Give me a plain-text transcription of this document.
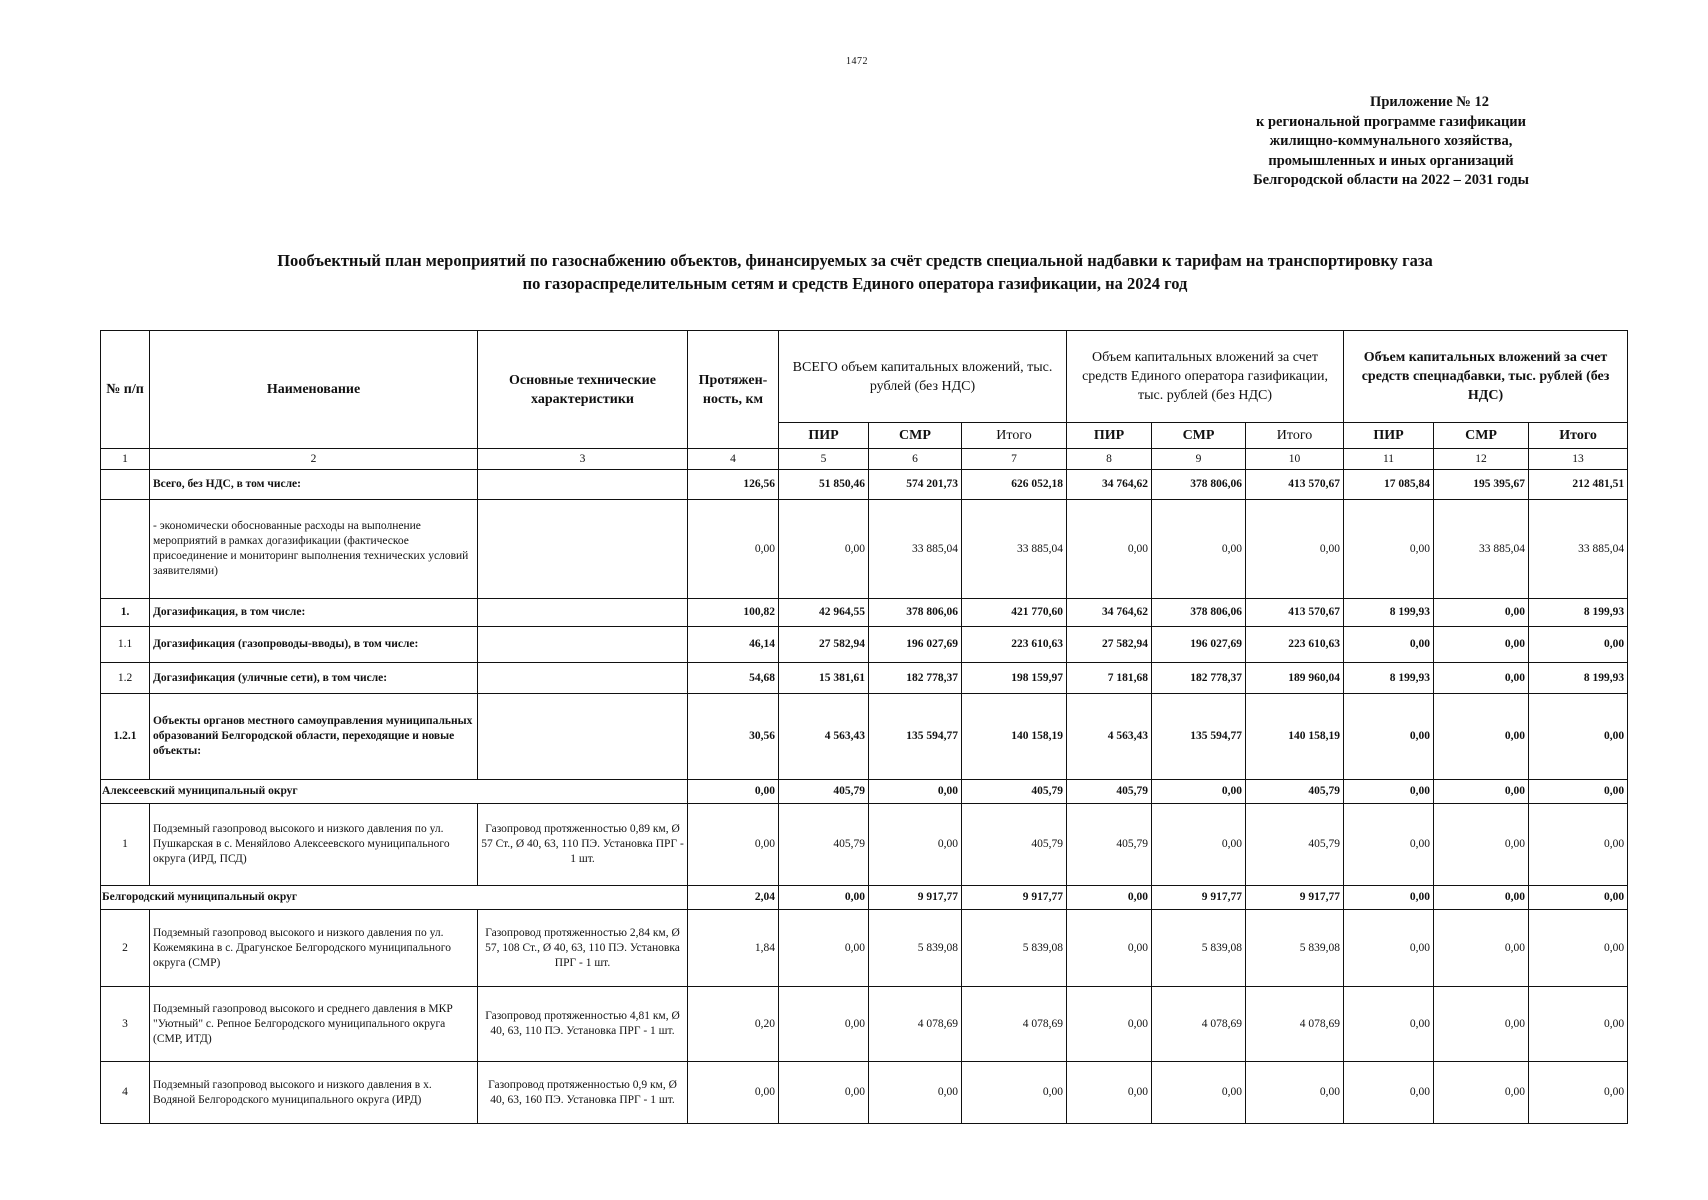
1472
Приложение № 12
к региональной программе газификации
жилищно-коммунального хозяйства,
промышленных и иных организаций
Белгородской области на 2022 – 2031 годы
Пообъектный план мероприятий по газоснабжению объектов, финансируемых за счёт средств специальной надбавки к тарифам на транспортировку газа
по газораспределительным сетям и средств Единого оператора газификации, на 2024 год
№ п/п	Наименование	Основные технические характеристики	Протяжен-ность, км	ВСЕГО объем капитальных вложений, тыс. рублей (без НДС)			Объем капитальных вложений за счет средств Единого оператора газификации, тыс. рублей (без НДС)			Объем капитальных вложений за счет средств спецнадбавки, тыс. рублей (без НДС)		
				ПИР	СМР	Итого	ПИР	СМР	Итого	ПИР	СМР	Итого
1	2	3	4	5	6	7	8	9	10	11	12	13
	Всего, без НДС, в том числе:		126,56	51 850,46	574 201,73	626 052,18	34 764,62	378 806,06	413 570,67	17 085,84	195 395,67	212 481,51
	- экономически обоснованные расходы на выполнение мероприятий в рамках догазификации (фактическое присоединение и мониторинг выполнения технических условий заявителями)		0,00	0,00	33 885,04	33 885,04	0,00	0,00	0,00	0,00	33 885,04	33 885,04
1.	Догазификация, в том числе:		100,82	42 964,55	378 806,06	421 770,60	34 764,62	378 806,06	413 570,67	8 199,93	0,00	8 199,93
1.1	Догазификация (газопроводы-вводы), в том числе:		46,14	27 582,94	196 027,69	223 610,63	27 582,94	196 027,69	223 610,63	0,00	0,00	0,00
1.2	Догазификация (уличные сети), в том числе:		54,68	15 381,61	182 778,37	198 159,97	7 181,68	182 778,37	189 960,04	8 199,93	0,00	8 199,93
1.2.1	Объекты органов местного самоуправления муниципальных образований Белгородской области, переходящие и новые объекты:		30,56	4 563,43	135 594,77	140 158,19	4 563,43	135 594,77	140 158,19	0,00	0,00	0,00
Алексеевский муниципальный округ			0,00	405,79	0,00	405,79	405,79	0,00	405,79	0,00	0,00	0,00
1	Подземный газопровод высокого и низкого давления по ул. Пушкарская в с. Меняйлово Алексеевского муниципального округа (ИРД, ПСД)	Газопровод протяженностью 0,89 км, Ø 57 Ст., Ø 40, 63, 110 ПЭ. Установка ПРГ - 1 шт.	0,00	405,79	0,00	405,79	405,79	0,00	405,79	0,00	0,00	0,00
Белгородский муниципальный округ			2,04	0,00	9 917,77	9 917,77	0,00	9 917,77	9 917,77	0,00	0,00	0,00
2	Подземный газопровод высокого и низкого давления по ул. Кожемякина в с. Драгунское Белгородского муниципального округа (СМР)	Газопровод протяженностью 2,84 км, Ø 57, 108 Ст., Ø 40, 63, 110 ПЭ. Установка ПРГ - 1 шт.	1,84	0,00	5 839,08	5 839,08	0,00	5 839,08	5 839,08	0,00	0,00	0,00
3	Подземный газопровод высокого и среднего давления в МКР "Уютный" с. Репное Белгородского муниципального округа (СМР, ИТД)	Газопровод протяженностью 4,81 км, Ø 40, 63, 110 ПЭ. Установка ПРГ - 1 шт.	0,20	0,00	4 078,69	4 078,69	0,00	4 078,69	4 078,69	0,00	0,00	0,00
4	Подземный газопровод высокого и низкого давления в х. Водяной Белгородского муниципального округа (ИРД)	Газопровод протяженностью 0,9 км, Ø 40, 63, 160 ПЭ. Установка ПРГ - 1 шт.	0,00	0,00	0,00	0,00	0,00	0,00	0,00	0,00	0,00	0,00
